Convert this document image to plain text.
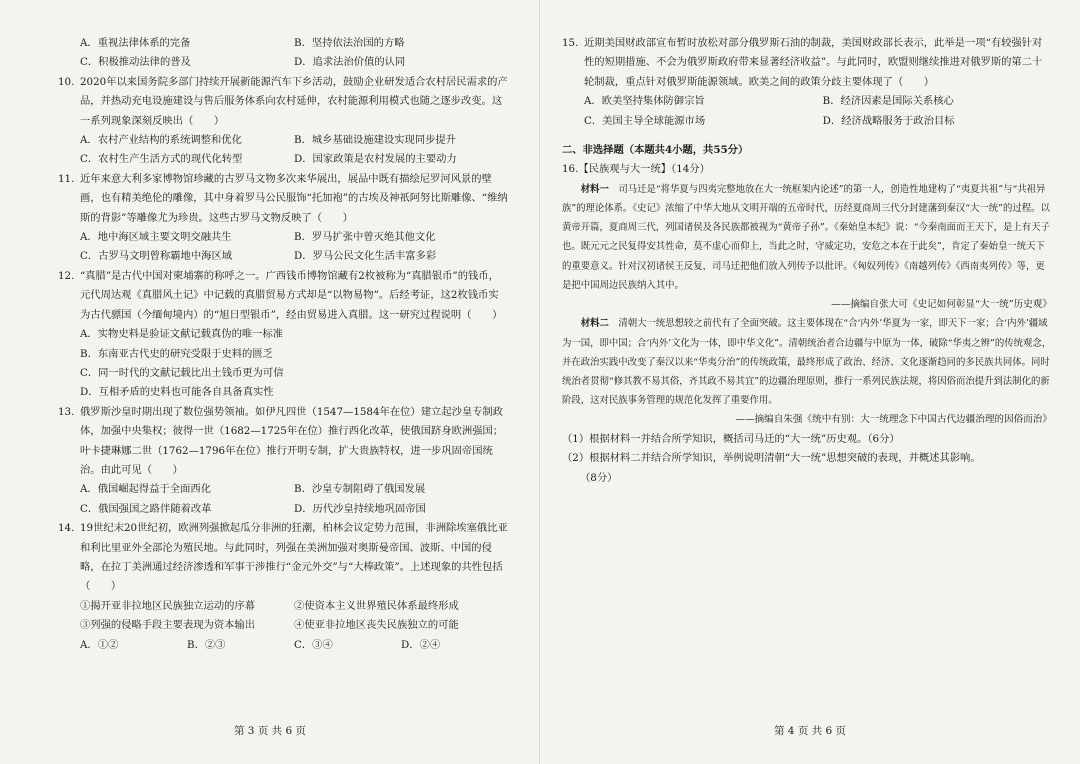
A．重视法律体系的完备	B．坚持依法治国的方略
C．积极推动法律的普及	D．追求法治价值的认同
10. 2020年以来国务院多部门持续开展新能源汽车下乡活动，鼓励企业研发适合农村居民需求的产品，并热动充电设施建设与售后服务体系向农村延伸，农村能源利用模式也随之逐步改变。这一系列现象深刻反映出（　　）
A．农村产业结构的系统调整和优化	B．城乡基础设施建设实现同步提升
C．农村生产生活方式的现代化转型	D．国家政策是农村发展的主要动力
11. 近年来意大利多家博物馆珍藏的古罗马文物多次来华展出，展品中既有描绘尼罗河风景的壁画，也有精美绝伦的雕像，其中身着罗马公民服饰“托加袍”的古埃及神祇阿努比斯雕像、“维纳斯的背影”等雕像尤为珍贵。这些古罗马文物反映了（　　）
A．地中海区域主要文明交融共生	B．罗马扩张中曾灭绝其他文化
C．古罗马文明曾称霸地中海区域	D．罗马公民文化生活丰富多彩
12. “真腊”是古代中国对柬埔寨的称呼之一。广西钱币博物馆藏有2枚被称为“真腊银币”的钱币，元代周达观《真腊风土记》中记载的真腊贸易方式却是“以物易物”。后经考证，这2枚钱币实为古代骠国（今缅甸境内）的“旭日型银币”，经由贸易进入真腊。这一研究过程说明（　　）
A．实物史料是验证文献记载真伪的唯一标准
B．东南亚古代史的研究受限于史料的匮乏
C．同一时代的文献记载比出土钱币更为可信
D．互相矛盾的史料也可能各自具备真实性
13. 俄罗斯沙皇时期出现了数位强势领袖。如伊凡四世（1547—1584年在位）建立起沙皇专制政体，加强中央集权；彼得一世（1682—1725年在位）推行西化改革，使俄国跻身欧洲强国；叶卡捷琳娜二世（1762—1796年在位）推行开明专制，扩大贵族特权，进一步巩固帝国统治。由此可见（　　）
A．俄国崛起得益于全面西化	B．沙皇专制阻碍了俄国发展
C．俄国强国之路伴随着改革	D．历代沙皇持续地巩固帝国
14. 19世纪末20世纪初，欧洲列强掀起瓜分非洲的狂潮，柏林会议定势力范围，非洲除埃塞俄比亚和利比里亚外全部沦为殖民地。与此同时，列强在美洲加强对奥斯曼帝国、波斯、中国的侵略，在拉丁美洲通过经济渗透和军事干涉推行“金元外交”与“大棒政策”。上述现象的共性包括（　　）
①揭开亚非拉地区民族独立运动的序幕	②使资本主义世界殖民体系最终形成
③列强的侵略手段主要表现为资本输出	④使亚非拉地区丧失民族独立的可能
A．①②	B．②③	C．③④	D．②④
第 3 页 共 6 页
15. 近期美国财政部宣布暂时放松对部分俄罗斯石油的制裁，美国财政部长表示，此举是一项“有较强针对性的短期措施、不会为俄罗斯政府带来显著经济收益”。与此同时，欧盟则继续推进对俄罗斯的第二十轮制裁，重点针对俄罗斯能源领域。欧美之间的政策分歧主要体现了（　　）
A．欧美坚持集体防御宗旨	B．经济因素是国际关系核心
C．美国主导全球能源市场	D．经济战略服务于政治目标
二、非选择题（本题共4小题，共55分）
16.【民族观与大一统】（14分）
材料一　 司马迁是“将华夏与四夷完整地放在大一统框架内论述”的第一人，创造性地建构了“夷夏共祖”与“共祖异族”的理论体系。《史记》浓缩了中华大地从文明开端的五帝时代，历经夏商周三代分封建藩到秦汉“大一统”的过程。以黄帝开篇，夏商周三代，列国诸侯及各民族都被视为“黄帝子孙”。《秦始皇本纪》说：“今秦南面而王天下，是上有天子也。既元元之民复得安其性命，莫不虚心而仰上，当此之时，守威定功，安危之本在于此矣”，肯定了秦始皇一统天下的重要意义。针对汉初诸侯王反复，司马迁把他们放入列传予以批评。《匈奴列传》《南越列传》《西南夷列传》等，更是把中国周边民族纳入其中。
——摘编自张大可《史记如何彰显“大一统”历史观》
材料二　 清朝大一统思想较之前代有了全面突破。这主要体现在“合‘内外’华夏为一家，即天下一家；合‘内外’疆域为一国，即中国；合‘内外’文化为一体，即中华文化”。清朝统治者合边疆与中原为一体，破除“华夷之辨”的传统观念，并在政治实践中改变了秦汉以来“华夷分治”的传统政策，最终形成了政治、经济、文化逐渐趋同的多民族共同体。同时统治者贯彻“修其教不易其俗，齐其政不易其宜”的边疆治理原则，推行一系列民族法规，将因俗而治提升到法制化的新阶段，这对民族事务管理的规范化发挥了重要作用。
——摘编自朱强《统中有别：大一统理念下中国古代边疆治理的因俗而治》
（1）根据材料一并结合所学知识，概括司马迁的“大一统”历史观。（6分）
（2）根据材料二并结合所学知识，举例说明清朝“大一统”思想突破的表现，并概述其影响。
（8分）
第 4 页 共 6 页
